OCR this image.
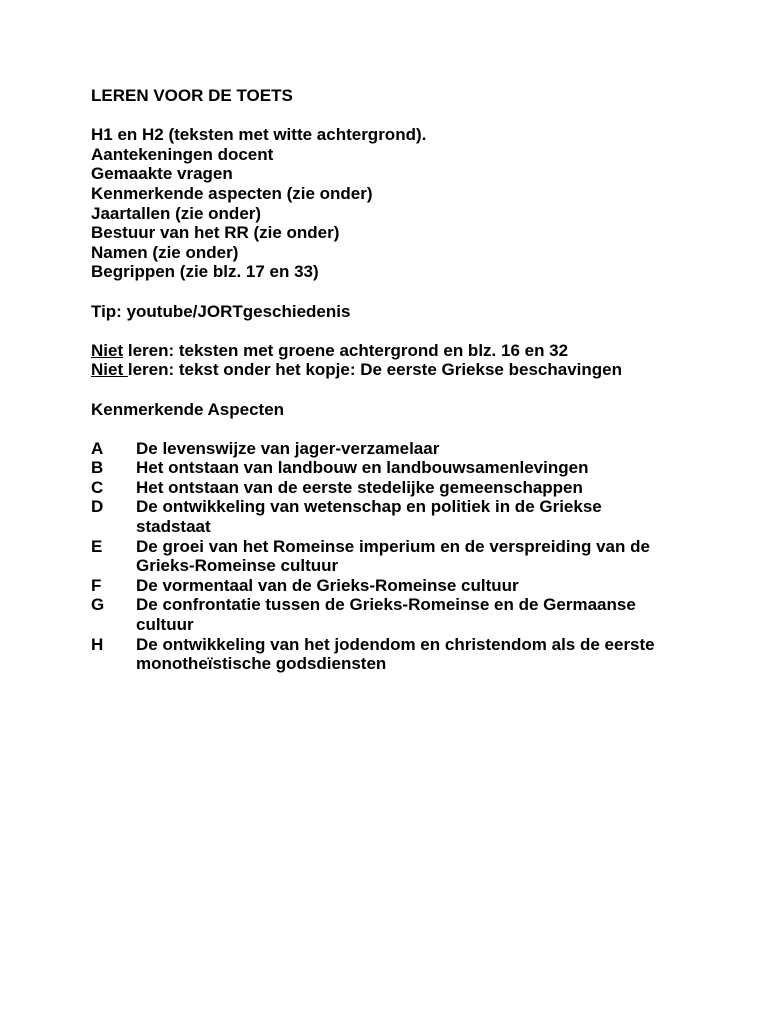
LEREN VOOR DE TOETS
H1 en H2 (teksten met witte achtergrond).
Aantekeningen docent
Gemaakte vragen
Kenmerkende aspecten (zie onder)
Jaartallen (zie onder)
Bestuur van het RR (zie onder)
Namen (zie onder)
Begrippen (zie blz. 17 en 33)
Tip: youtube/JORTgeschiedenis
Niet leren: teksten met groene achtergrond en blz. 16 en 32
Niet leren: tekst onder het kopje: De eerste Griekse beschavingen
Kenmerkende Aspecten
A	De levenswijze van jager-verzamelaar
B	Het ontstaan van landbouw en landbouwsamenlevingen
C	Het ontstaan van de eerste stedelijke gemeenschappen
D	De ontwikkeling van wetenschap en politiek in de Griekse stadstaat
E	De groei van het Romeinse imperium en de verspreiding van de Grieks-Romeinse cultuur
F	De vormentaal van de Grieks-Romeinse cultuur
G	De confrontatie tussen de Grieks-Romeinse en de Germaanse cultuur
H	De ontwikkeling van het jodendom en christendom als de eerste monotheïstische godsdiensten
